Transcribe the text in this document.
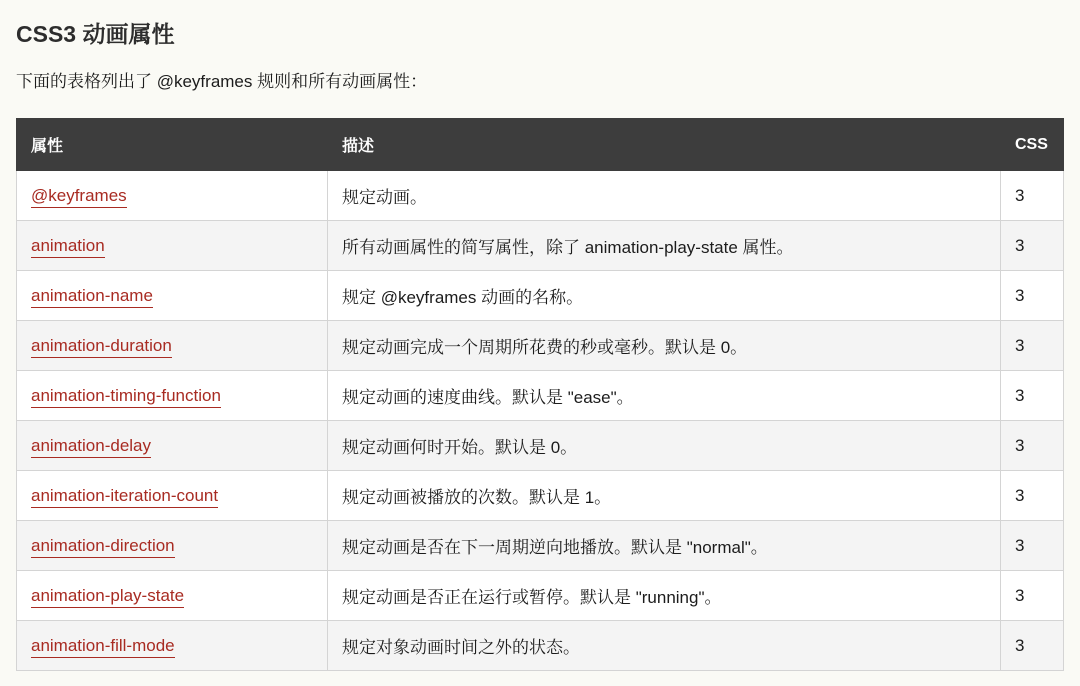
CSS3 动画属性

下面的表格列出了 @keyframes 规则和所有动画属性：

属性	描述	CSS
@keyframes	规定动画。	3
animation	所有动画属性的简写属性，除了 animation-play-state 属性。	3
animation-name	规定 @keyframes 动画的名称。	3
animation-duration	规定动画完成一个周期所花费的秒或毫秒。默认是 0。	3
animation-timing-function	规定动画的速度曲线。默认是 "ease"。	3
animation-delay	规定动画何时开始。默认是 0。	3
animation-iteration-count	规定动画被播放的次数。默认是 1。	3
animation-direction	规定动画是否在下一周期逆向地播放。默认是 "normal"。	3
animation-play-state	规定动画是否正在运行或暂停。默认是 "running"。	3
animation-fill-mode	规定对象动画时间之外的状态。	3
